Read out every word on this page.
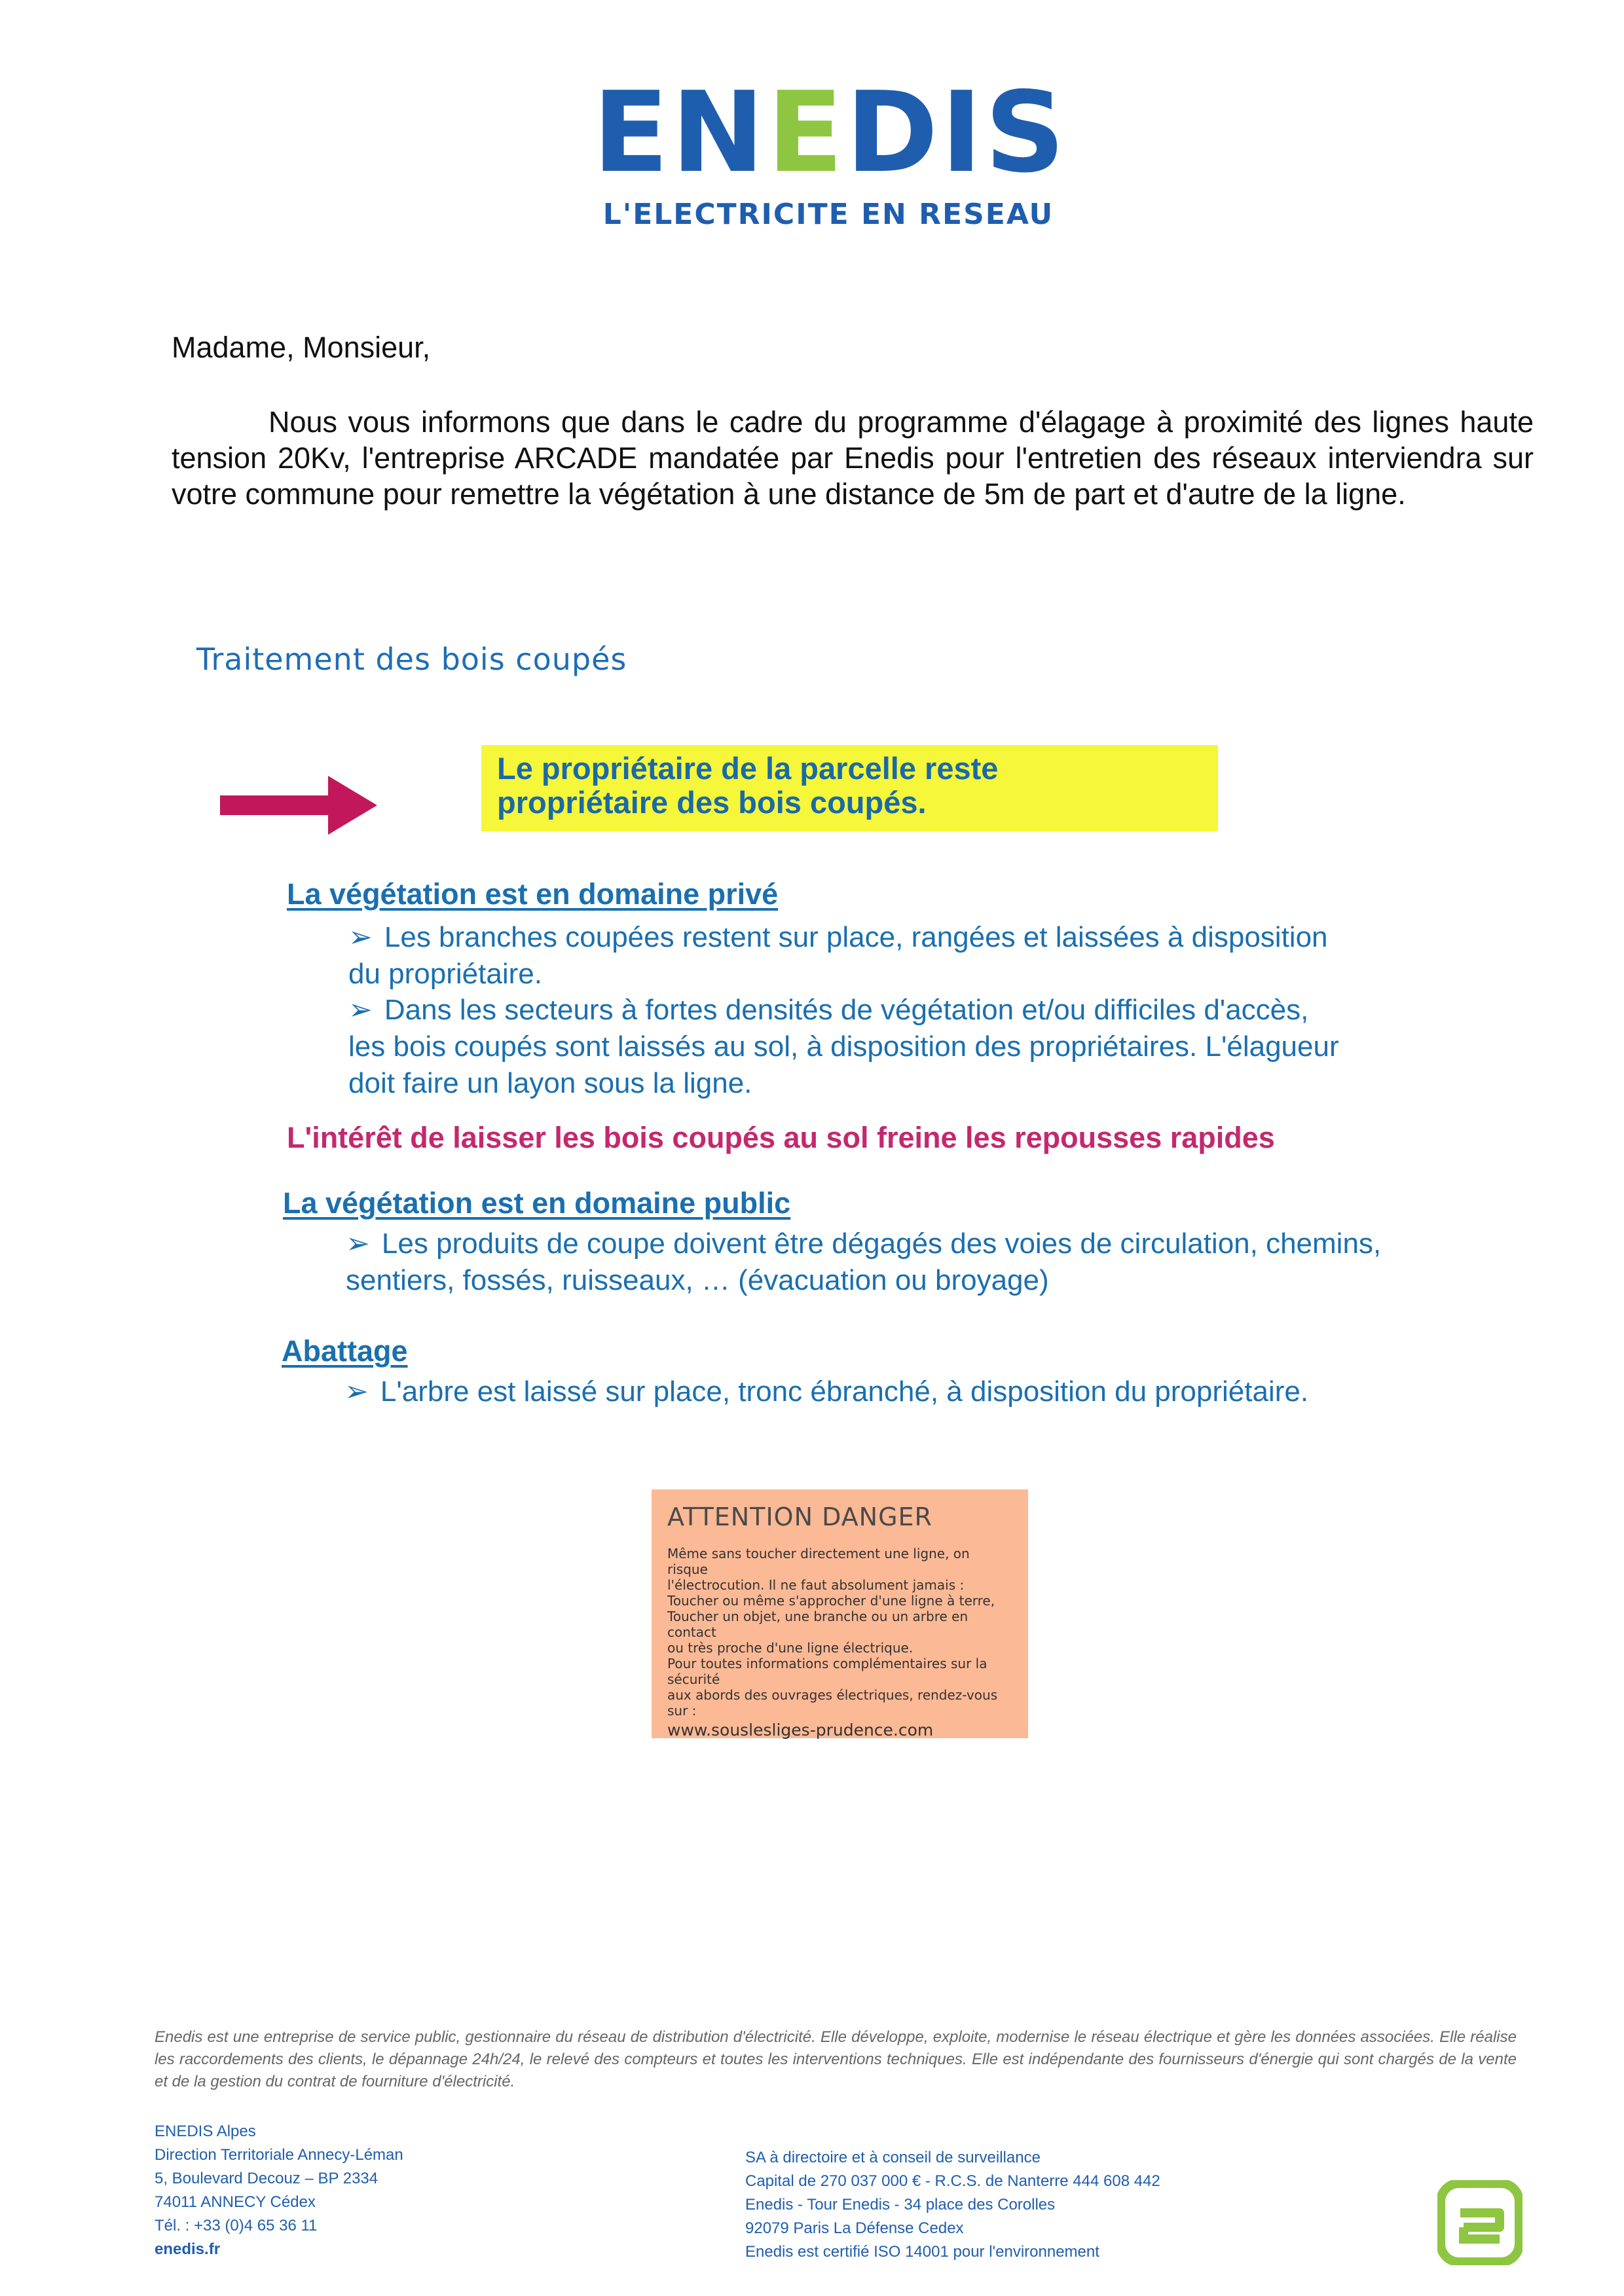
ENEDIS
L'ELECTRICITE EN RESEAU
Madame, Monsieur,
Nous vous informons que dans le cadre du programme d'élagage à proximité des lignes haute tension 20Kv, l'entreprise ARCADE mandatée par Enedis pour l'entretien des réseaux interviendra sur votre commune pour remettre la végétation à une distance de 5m de part et d'autre de la ligne.
Traitement des bois coupés
Le propriétaire de la parcelle reste
propriétaire des bois coupés.
La végétation est en domaine privé
➢ Les branches coupées restent sur place, rangées et laissées à disposition du propriétaire.
➢ Dans les secteurs à fortes densités de végétation et/ou difficiles d'accès, les bois coupés sont laissés au sol, à disposition des propriétaires. L'élagueur doit faire un layon sous la ligne.
L'intérêt de laisser les bois coupés au sol freine les repousses rapides
La végétation est en domaine public
➢ Les produits de coupe doivent être dégagés des voies de circulation, chemins, sentiers, fossés, ruisseaux, … (évacuation ou broyage)
Abattage
➢ L'arbre est laissé sur place, tronc ébranché, à disposition du propriétaire.
ATTENTION DANGER
Même sans toucher directement une ligne, on risque
l'électrocution. Il ne faut absolument jamais :
Toucher ou même s'approcher d'une ligne à terre,
Toucher un objet, une branche ou un arbre en contact
ou très proche d'une ligne électrique.
Pour toutes informations complémentaires sur la sécurité
aux abords des ouvrages électriques, rendez-vous sur :
www.souslesliges-prudence.com
Enedis est une entreprise de service public, gestionnaire du réseau de distribution d'électricité. Elle développe, exploite, modernise le réseau électrique et gère les données associées. Elle réalise les raccordements des clients, le dépannage 24h/24, le relevé des compteurs et toutes les interventions techniques. Elle est indépendante des fournisseurs d'énergie qui sont chargés de la vente et de la gestion du contrat de fourniture d'électricité.
ENEDIS Alpes
Direction Territoriale Annecy-Léman
5, Boulevard Decouz – BP 2334
74011 ANNECY Cédex
Tél. : +33 (0)4 65 36 11
enedis.fr
SA à directoire et à conseil de surveillance
Capital de 270 037 000 € - R.C.S. de Nanterre 444 608 442
Enedis - Tour Enedis - 34 place des Corolles
92079 Paris La Défense Cedex
Enedis est certifié ISO 14001 pour l'environnement
